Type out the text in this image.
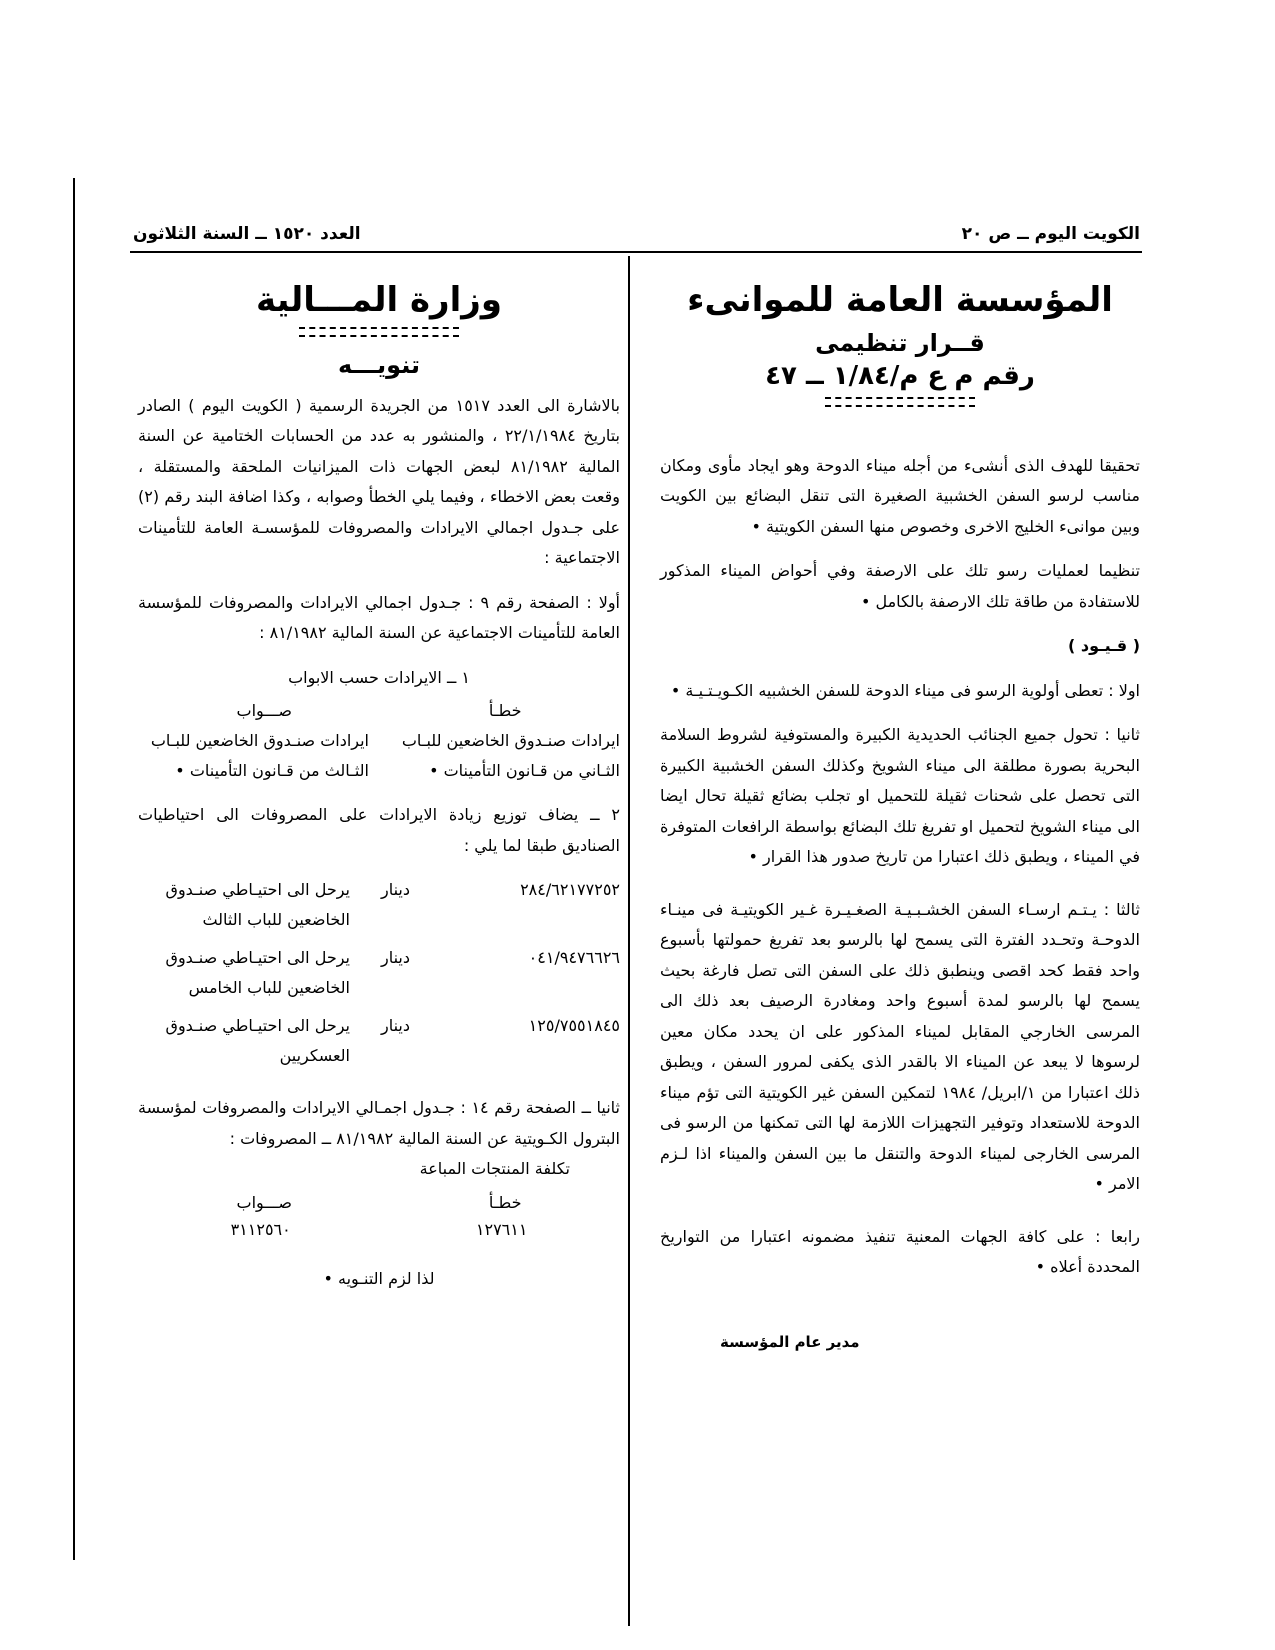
الكويت اليوم ــ ص ٢٠
العدد ١٥٢٠ ــ السنة الثلاثون
المؤسسة العامة للموانىء
قــرار تنظيمى
رقم م ع م/١/٨٤ ــ ٤٧

تحقيقا للهدف الذى أنشىء من أجله ميناء الدوحة وهو ايجاد مأوى ومكان مناسب لرسو السفن الخشبية الصغيرة التى تنقل البضائع بين الكويت وبين موانىء الخليج الاخرى وخصوص منها السفن الكويتية •

تنظيما لعمليات رسو تلك على الارصفة وفي أحواض الميناء المذكور للاستفادة من طاقة تلك الارصفة بالكامل •

( قـيـود )

اولا : تعطى أولوية الرسو فى ميناء الدوحة للسفن الخشبيه الكـويـتـيـة •

ثانيا : تحول جميع الجنائب الحديدية الكبيرة والمستوفية لشروط السلامة البحرية بصورة مطلقة الى ميناء الشويخ وكذلك السفن الخشبية الكبيرة التى تحصل على شحنات ثقيلة للتحميل او تجلب بضائع ثقيلة تحال ايضا الى ميناء الشويخ لتحميل او تفريغ تلك البضائع بواسطة الرافعات المتوفرة في الميناء ، ويطبق ذلك اعتبارا من تاريخ صدور هذا القرار •

ثالثا : يـتـم ارسـاء السفن الخشـبـيـة الصغـيـرة غـير الكويتيـة فى مينـاء الدوحـة وتحـدد الفترة التى يسمح لها بالرسو بعد تفريغ حمولتها بأسبوع واحد فقط كحد اقصى وينطبق ذلك على السفن التى تصل فارغة بحيث يسمح لها بالرسو لمدة أسبوع واحد ومغادرة الرصيف بعد ذلك الى المرسى الخارجي المقابل لميناء المذكور على ان يحدد مكان معين لرسوها لا يبعد عن الميناء الا بالقدر الذى يكفى لمرور السفن ، ويطبق ذلك اعتبارا من ١/ابريل/ ١٩٨٤ لتمكين السفن غير الكويتية التى تؤم ميناء الدوحة للاستعداد وتوفير التجهيزات اللازمة لها التى تمكنها من الرسو فى المرسى الخارجى لميناء الدوحة والتنقل ما بين السفن والميناء اذا لـزم الامر •

رابعا : على كافة الجهات المعنية تنفيذ مضمونه اعتبارا من التواريخ المحددة أعلاه •

مدير عام المؤسسة
وزارة المـــالية
تنويـــه

بالاشارة الى العدد ١٥١٧ من الجريدة الرسمية ( الكويت اليوم ) الصادر بتاريخ ٢٢/١/١٩٨٤ ، والمنشور به عدد من الحسابات الختامية عن السنة المالية ٨١/١٩٨٢ لبعض الجهات ذات الميزانيات الملحقة والمستقلة ، وقعت بعض الاخطاء ، وفيما يلي الخطأ وصوابه ، وكذا اضافة البند رقم (٢) على جـدول اجمالي الايرادات والمصروفات للمؤسسـة العامة للتأمينات الاجتماعية :

أولا : الصفحة رقم ٩ : جـدول اجمالي الايرادات والمصروفات للمؤسسة العامة للتأمينات الاجتماعية عن السنة المالية ٨١/١٩٨٢ :

١ ــ الايرادات حسب الابواب

خطـأ
صـــواب
ايرادات صنـدوق الخاضعين للبـاب الثـاني من قـانون التأمينات •
ايرادات صنـدوق الخاضعين للبـاب الثـالث من قـانون التأمينات •

٢ ــ يضاف توزيع زيادة الايرادات على المصروفات الى احتياطيات الصناديق طبقا لما يلي :

٢٨٤/٦٢١٧٧٢٥٢
دينار
يرحل الى احتيـاطي صنـدوق الخاضعين للباب الثالث
٠٤١/٩٤٧٦٦٢٦
دينار
يرحل الى احتيـاطي صنـدوق الخاضعين للباب الخامس
١٢٥/٧٥٥١٨٤٥
دينار
يرحل الى احتيـاطي صنـدوق العسكريين

ثانيا ــ الصفحة رقم ١٤ : جـدول اجمـالي الايرادات والمصروفات لمؤسسة البترول الكـويتية عن السنة المالية ٨١/١٩٨٢ ــ المصروفات :

تكلفة المنتجات المباعة

خطـأ
صـــواب
١٢٧٦١١
٣١١٢٥٦٠
لذا لزم التنـويه •
